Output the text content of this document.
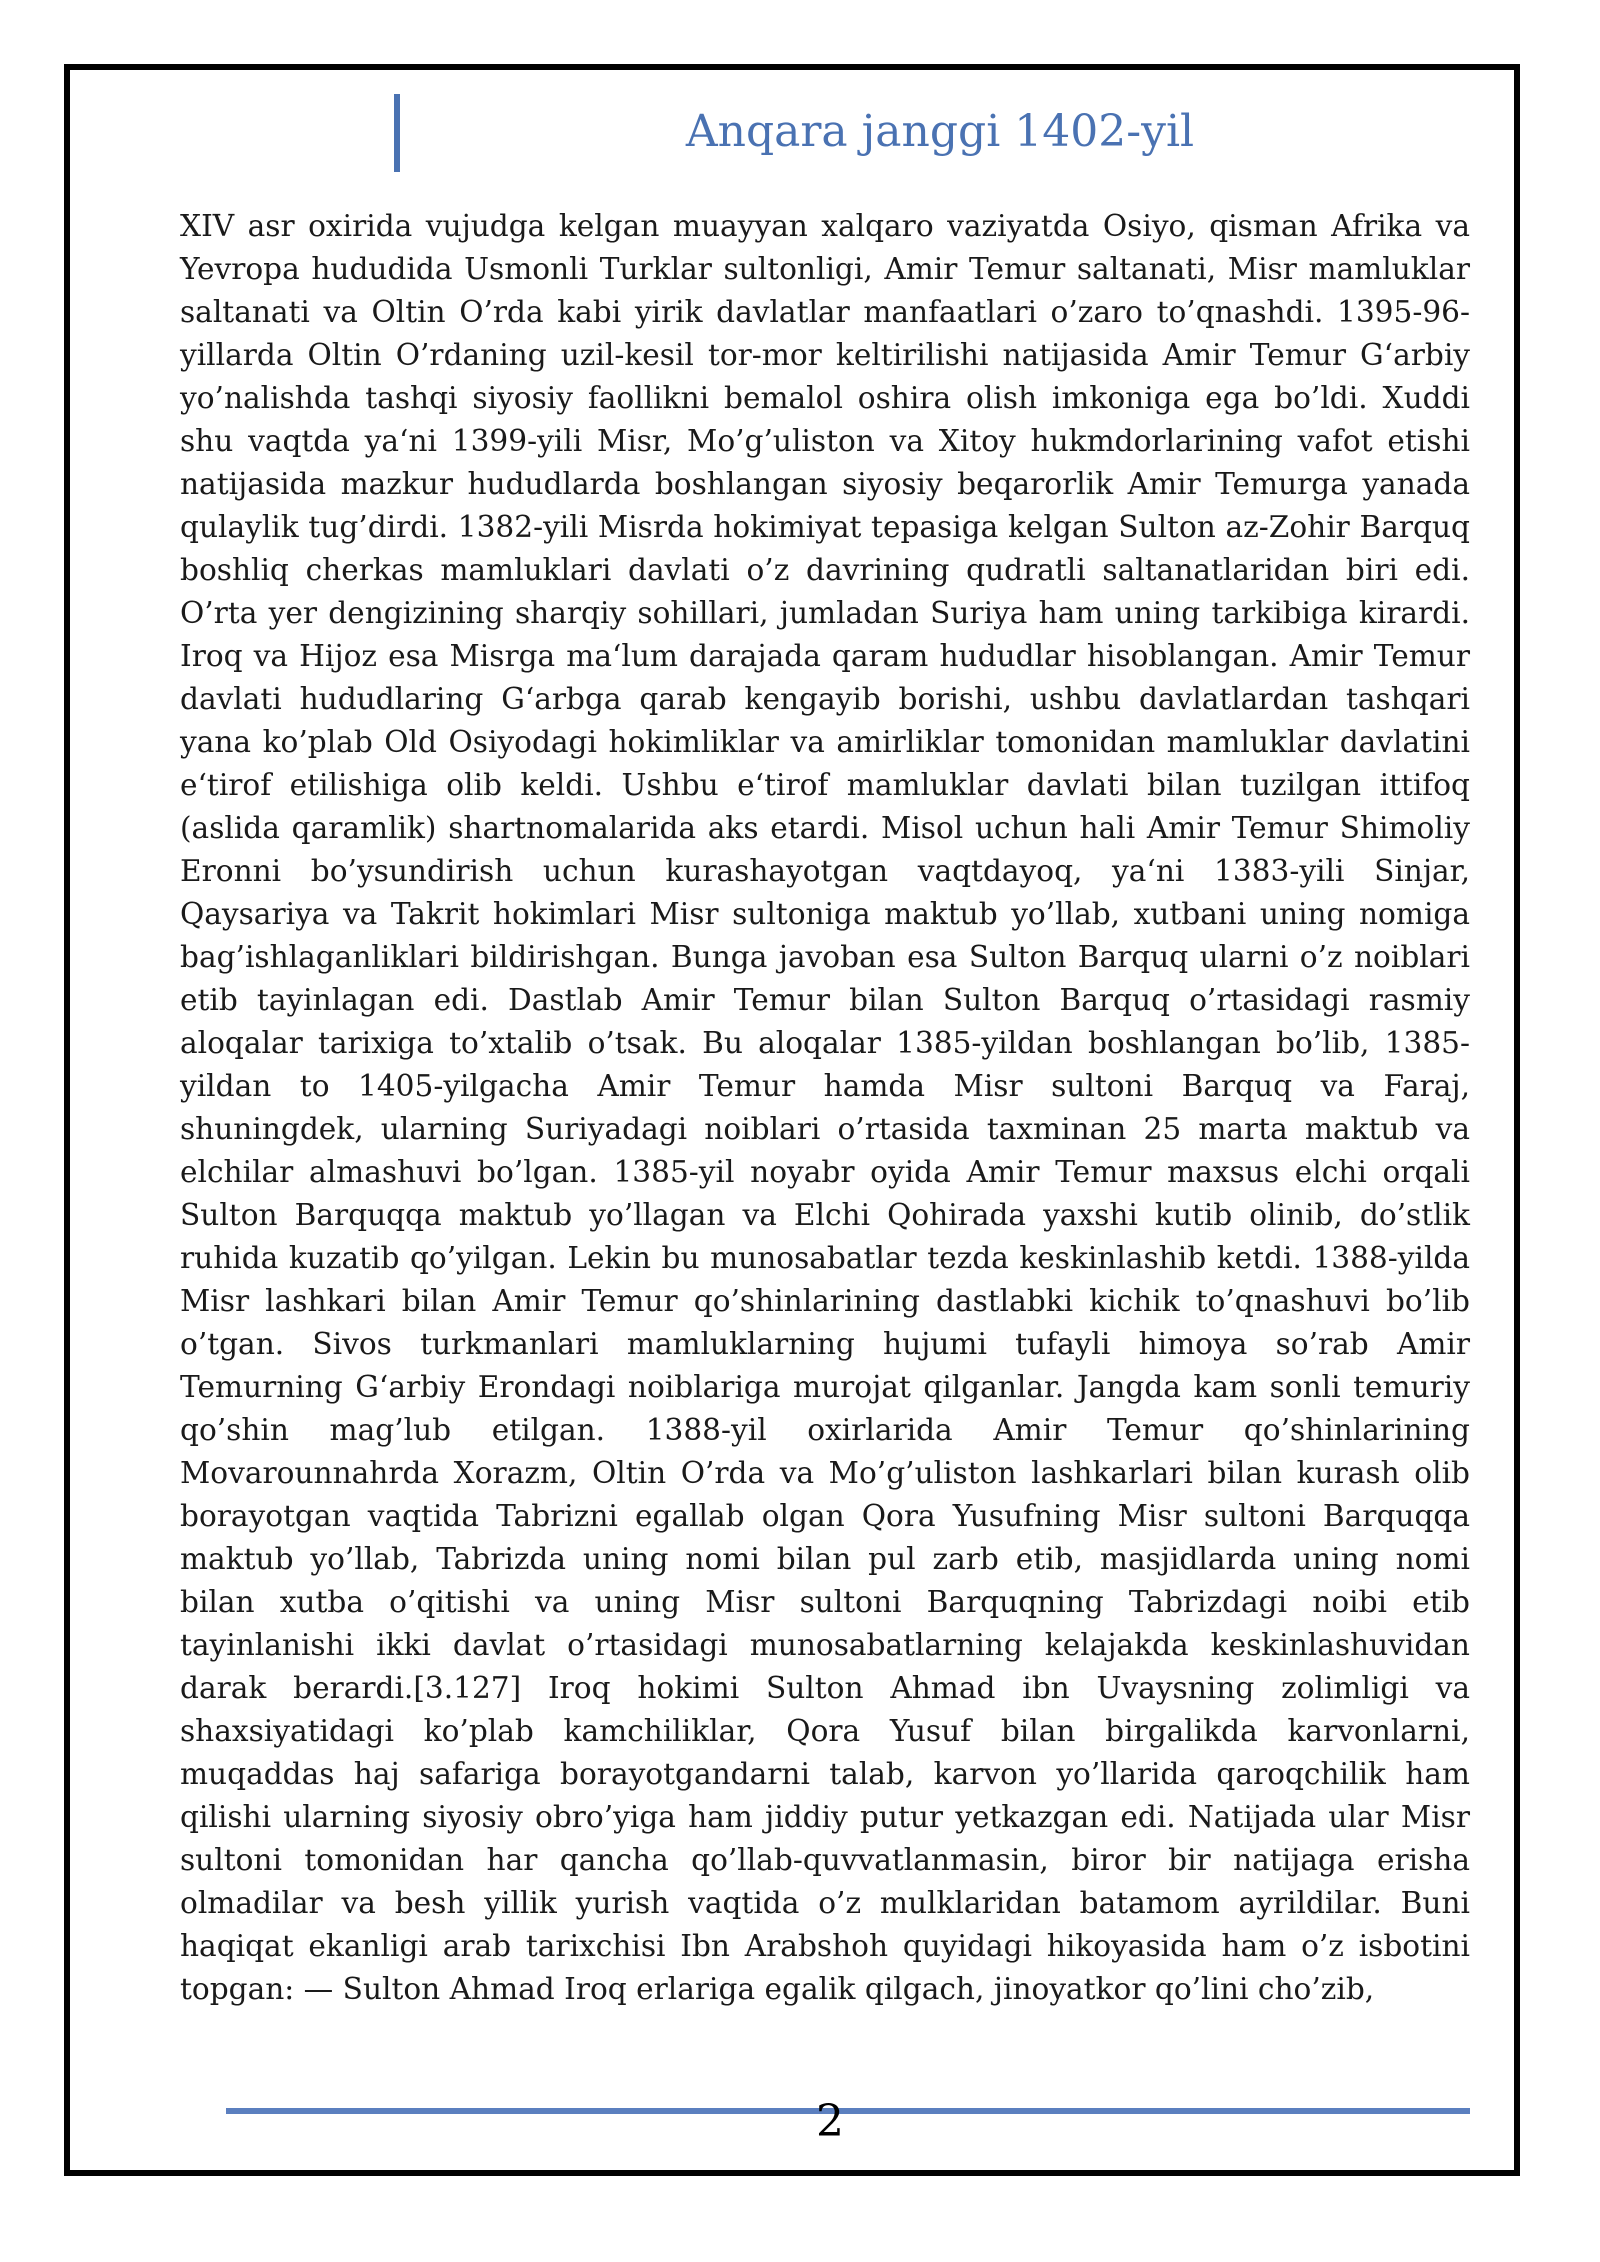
Anqara janggi 1402-yil

XIV asr oxirida vujudga kelgan muayyan xalqaro vaziyatda Osiyo, qisman Afrika va Yevropa hududida Usmonli Turklar sultonligi, Amir Temur saltanati, Misr mamluklar saltanati va Oltin O’rda kabi yirik davlatlar manfaatlari o’zaro to’qnashdi. 1395-96-yillarda Oltin O’rdaning uzil-kesil tor-mor keltirilishi natijasida Amir Temur G‘arbiy yo’nalishda tashqi siyosiy faollikni bemalol oshira olish imkoniga ega bo’ldi. Xuddi shu vaqtda ya‘ni 1399-yili Misr, Mo’g’uliston va Xitoy hukmdorlarining vafot etishi natijasida mazkur hududlarda boshlangan siyosiy beqarorlik Amir Temurga yanada qulaylik tug’dirdi. 1382-yili Misrda hokimiyat tepasiga kelgan Sulton az-Zohir Barquq boshliq cherkas mamluklari davlati o’z davrining qudratli saltanatlaridan biri edi. O’rta yer dengizining sharqiy sohillari, jumladan Suriya ham uning tarkibiga kirardi. Iroq va Hijoz esa Misrga ma‘lum darajada qaram hududlar hisoblangan. Amir Temur davlati hududlaring G‘arbga qarab kengayib borishi, ushbu davlatlardan tashqari yana ko’plab Old Osiyodagi hokimliklar va amirliklar tomonidan mamluklar davlatini e‘tirof etilishiga olib keldi. Ushbu e‘tirof mamluklar davlati bilan tuzilgan ittifoq (aslida qaramlik) shartnomalarida aks etardi. Misol uchun hali Amir Temur Shimoliy Eronni bo’ysundirish uchun kurashayotgan vaqtdayoq, ya‘ni 1383-yili Sinjar, Qaysariya va Takrit hokimlari Misr sultoniga maktub yo’llab, xutbani uning nomiga bag’ishlaganliklari bildirishgan. Bunga javoban esa Sulton Barquq ularni o’z noiblari etib tayinlagan edi. Dastlab Amir Temur bilan Sulton Barquq o’rtasidagi rasmiy aloqalar tarixiga to’xtalib o’tsak. Bu aloqalar 1385-yildan boshlangan bo’lib, 1385-yildan to 1405-yilgacha Amir Temur hamda Misr sultoni Barquq va Faraj, shuningdek, ularning Suriyadagi noiblari o’rtasida taxminan 25 marta maktub va elchilar almashuvi bo’lgan. 1385-yil noyabr oyida Amir Temur maxsus elchi orqali Sulton Barquqqa maktub yo’llagan va Elchi Qohirada yaxshi kutib olinib, do’stlik ruhida kuzatib qo’yilgan. Lekin bu munosabatlar tezda keskinlashib ketdi. 1388-yilda Misr lashkari bilan Amir Temur qo’shinlarining dastlabki kichik to’qnashuvi bo’lib o’tgan. Sivos turkmanlari mamluklarning hujumi tufayli himoya so’rab Amir Temurning G‘arbiy Erondagi noiblariga murojat qilganlar. Jangda kam sonli temuriy qo’shin mag’lub etilgan. 1388-yil oxirlarida Amir Temur qo’shinlarining Movarounnahrda Xorazm, Oltin O’rda va Mo’g’uliston lashkarlari bilan kurash olib borayotgan vaqtida Tabrizni egallab olgan Qora Yusufning Misr sultoni Barquqqa maktub yo’llab, Tabrizda uning nomi bilan pul zarb etib, masjidlarda uning nomi bilan xutba o’qitishi va uning Misr sultoni Barquqning Tabrizdagi noibi etib tayinlanishi ikki davlat o’rtasidagi munosabatlarning kelajakda keskinlashuvidan darak berardi.[3.127] Iroq hokimi Sulton Ahmad ibn Uvaysning zolimligi va shaxsiyatidagi ko’plab kamchiliklar, Qora Yusuf bilan birgalikda karvonlarni, muqaddas haj safariga borayotgandarni talab, karvon yo’llarida qaroqchilik ham qilishi ularning siyosiy obro’yiga ham jiddiy putur yetkazgan edi. Natijada ular Misr sultoni tomonidan har qancha qo’llab-quvvatlanmasin, biror bir natijaga erisha olmadilar va besh yillik yurish vaqtida o’z mulklaridan batamom ayrildilar. Buni haqiqat ekanligi arab tarixchisi Ibn Arabshoh quyidagi hikoyasida ham o’z isbotini topgan: — Sulton Ahmad Iroq erlariga egalik qilgach, jinoyatkor qo’lini cho’zib,

2
